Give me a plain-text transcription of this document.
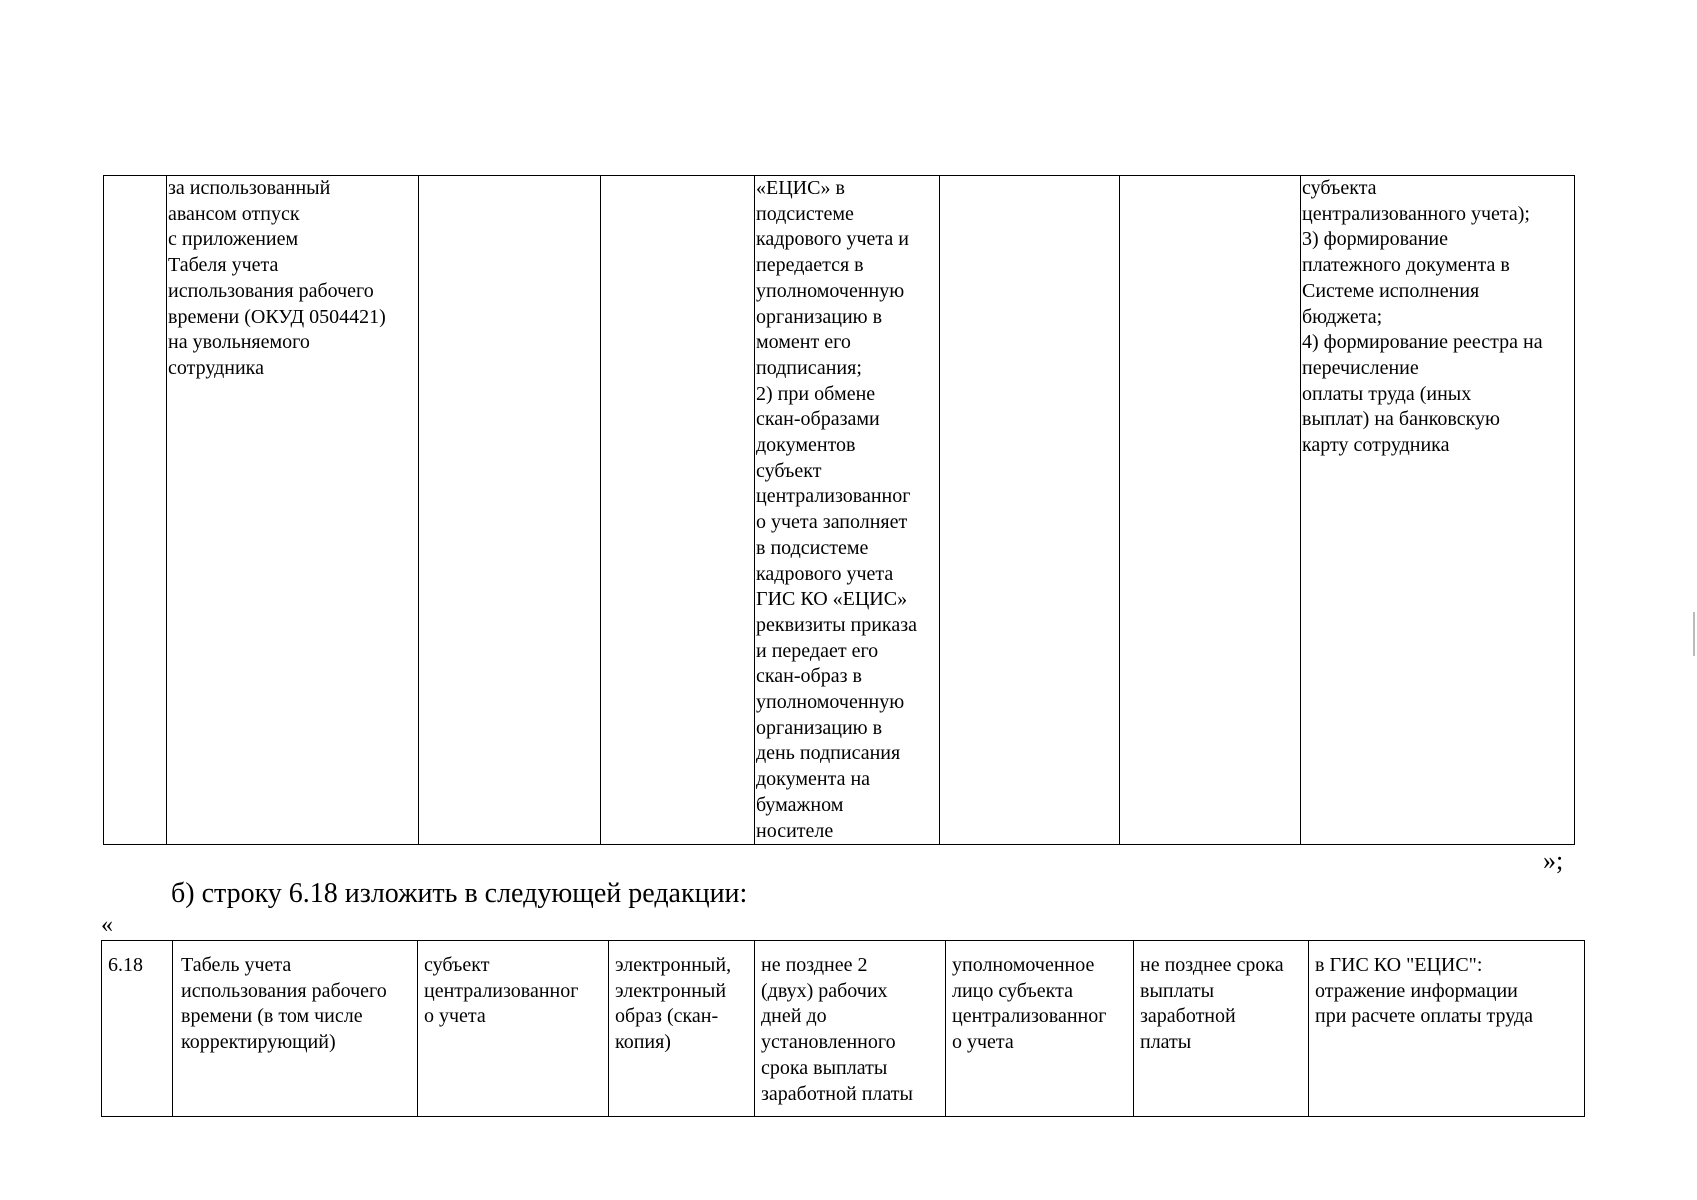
	за использованный
авансом отпуск
с приложением
Табеля учета
использования рабочего
времени (ОКУД 0504421)
на увольняемого
сотрудника			«ЕЦИС» в
подсистеме
кадрового учета и
передается в
уполномоченную
организацию в
момент его
подписания;
2) при обмене
скан-образами
документов
субъект
централизованног
о учета заполняет
в подсистеме
кадрового учета
ГИС КО «ЕЦИС»
реквизиты приказа
и передает его
скан-образ в
уполномоченную
организацию в
день подписания
документа на
бумажном
носителе			субъекта
централизованного учета);
3) формирование
платежного документа в
Системе исполнения
бюджета;
4) формирование реестра на
перечисление
оплаты труда (иных
выплат) на банковскую
карту сотрудника
»;
б) строку 6.18 изложить в следующей редакции:
«
6.18	Табель учета
использования рабочего
времени (в том числе
корректирующий)	субъект
централизованног
о учета	электронный,
электронный
образ (скан-
копия)	не позднее 2
(двух) рабочих
дней до
установленного
срока выплаты
заработной платы	уполномоченное
лицо субъекта
централизованног
о учета	не позднее срока
выплаты
заработной
платы	в ГИС КО "ЕЦИС":
отражение информации
при расчете оплаты труда
